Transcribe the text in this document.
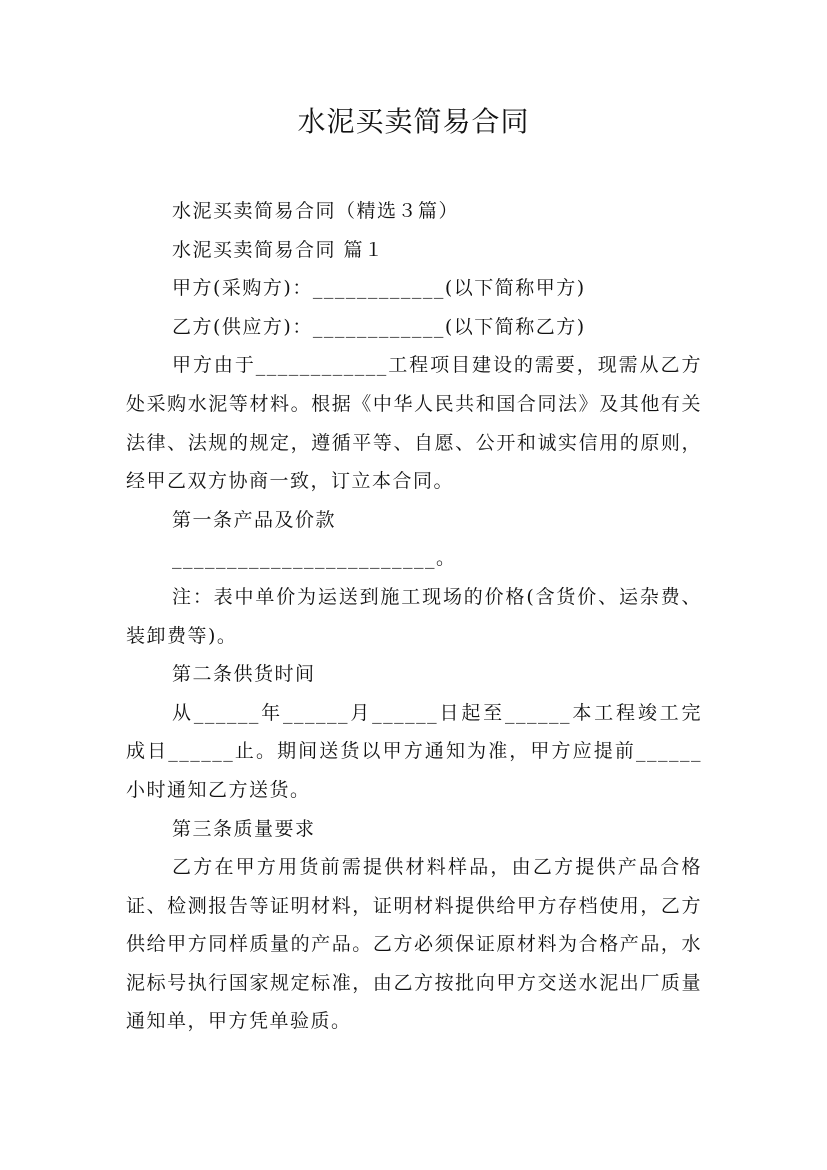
水泥买卖简易合同

水泥买卖简易合同（精选３篇）

水泥买卖简易合同 篇１

甲方(采购方)：____________(以下简称甲方)

乙方(供应方)：____________(以下简称乙方)

甲方由于____________工程项目建设的需要，现需从乙方处采购水泥等材料。根据《中华人民共和国合同法》及其他有关法律、法规的规定，遵循平等、自愿、公开和诚实信用的原则，经甲乙双方协商一致，订立本合同。

第一条产品及价款

________________________。

注：表中单价为运送到施工现场的价格(含货价、运杂费、装卸费等)。

第二条供货时间

从______年______月______日起至______本工程竣工完成日______止。期间送货以甲方通知为准，甲方应提前______小时通知乙方送货。

第三条质量要求

乙方在甲方用货前需提供材料样品，由乙方提供产品合格证、检测报告等证明材料，证明材料提供给甲方存档使用，乙方供给甲方同样质量的产品。乙方必须保证原材料为合格产品，水泥标号执行国家规定标准，由乙方按批向甲方交送水泥出厂质量通知单，甲方凭单验质。
